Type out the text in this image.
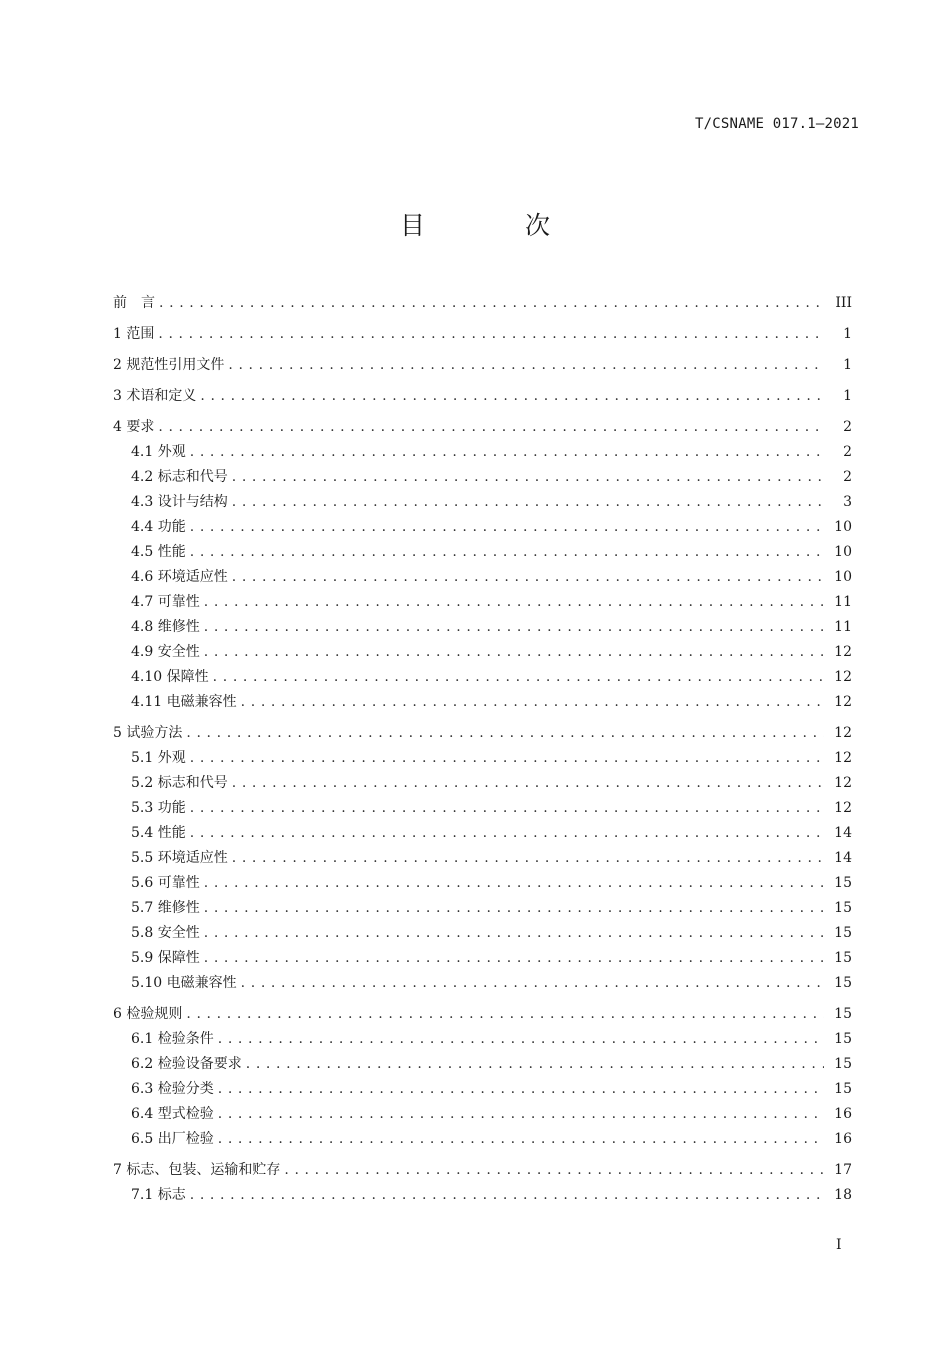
T/CSNAME 017.1—2021
目 次
前　言 . . .	III
1 范围 . . .	1
2 规范性引用文件 . . .	1
3 术语和定义 . . .	1
4 要求 . . .	2
4.1 外观 . . .	2
4.2 标志和代号 . . .	2
4.3 设计与结构 . . .	3
4.4 功能 . . .	10
4.5 性能 . . .	10
4.6 环境适应性 . . .	10
4.7 可靠性 . . .	11
4.8 维修性 . . .	11
4.9 安全性 . . .	12
4.10 保障性 . . .	12
4.11 电磁兼容性 . . .	12
5 试验方法 . . .	12
5.1 外观 . . .	12
5.2 标志和代号 . . .	12
5.3 功能 . . .	12
5.4 性能 . . .	14
5.5 环境适应性 . . .	14
5.6 可靠性 . . .	15
5.7 维修性 . . .	15
5.8 安全性 . . .	15
5.9 保障性 . . .	15
5.10 电磁兼容性 . . .	15
6 检验规则 . . .	15
6.1 检验条件 . . .	15
6.2 检验设备要求 . . .	15
6.3 检验分类 . . .	15
6.4 型式检验 . . .	16
6.5 出厂检验 . . .	16
7 标志、包装、运输和贮存 . . .	17
7.1 标志 . . .	18
I
